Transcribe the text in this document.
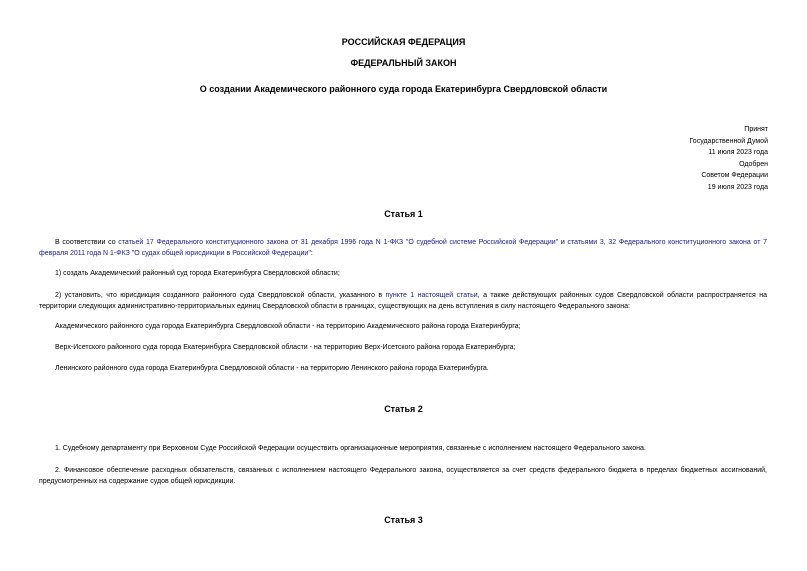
РОССИЙСКАЯ ФЕДЕРАЦИЯ
ФЕДЕРАЛЬНЫЙ ЗАКОН
О создании Академического районного суда города Екатеринбурга Свердловской области
Принят
Государственной Думой
11 июля 2023 года
Одобрен
Советом Федерации
19 июля 2023 года
Статья 1
В соответствии со статьей 17 Федерального конституционного закона от 31 декабря 1996 года N 1-ФКЗ "О судебной системе Российской Федерации" и статьями 3, 32 Федерального конституционного закона от 7 февраля 2011 года N 1-ФКЗ "О судах общей юрисдикции в Российской Федерации":
1) создать Академический районный суд города Екатеринбурга Свердловской области;
2) установить, что юрисдикция созданного районного суда Свердловской области, указанного в пункте 1 настоящей статьи, а также действующих районных судов Свердловской области распространяется на территории следующих административно-территориальных единиц Свердловской области в границах, существующих на день вступления в силу настоящего Федерального закона:
Академического районного суда города Екатеринбурга Свердловской области - на территорию Академического района города Екатеринбурга;
Верх-Исетского районного суда города Екатеринбурга Свердловской области - на территорию Верх-Исетского района города Екатеринбурга;
Ленинского районного суда города Екатеринбурга Свердловской области - на территорию Ленинского района города Екатеринбурга.
Статья 2
1. Судебному департаменту при Верховном Суде Российской Федерации осуществить организационные мероприятия, связанные с исполнением настоящего Федерального закона.
2. Финансовое обеспечение расходных обязательств, связанных с исполнением настоящего Федерального закона, осуществляется за счет средств федерального бюджета в пределах бюджетных ассигнований, предусмотренных на содержание судов общей юрисдикции.
Статья 3
